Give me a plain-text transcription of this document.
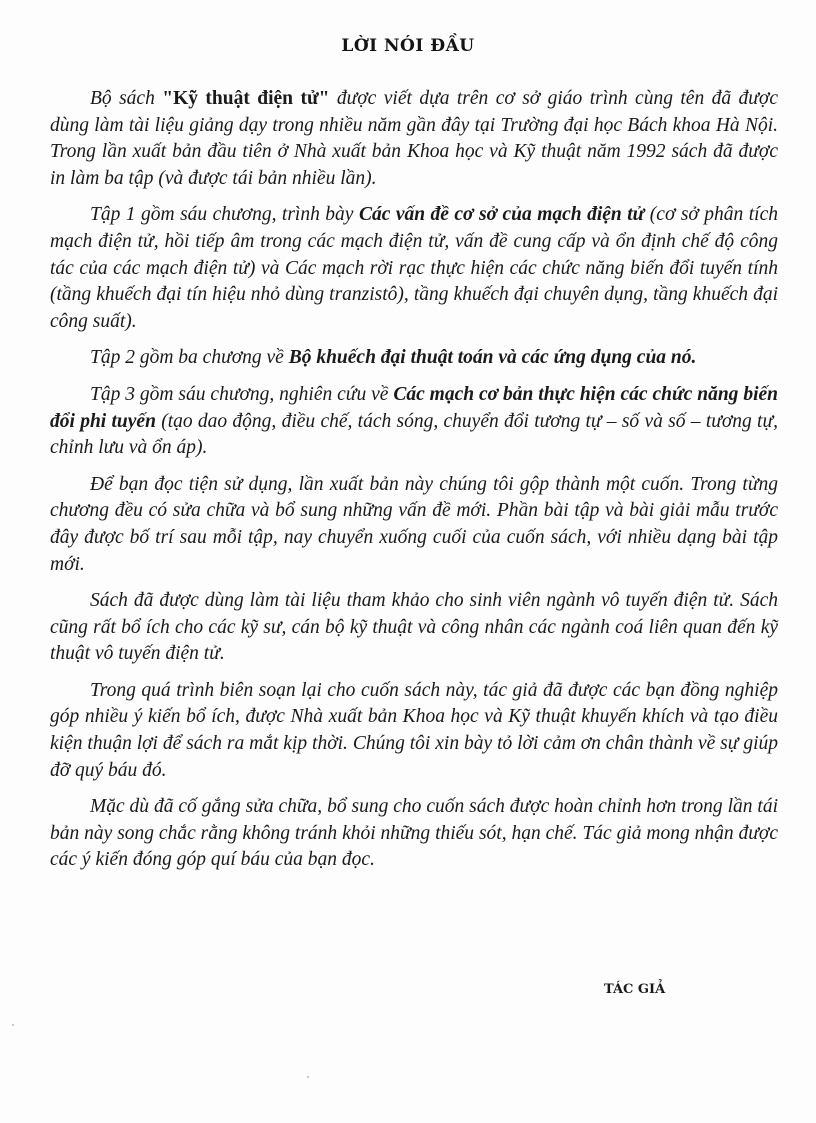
LỜI NÓI ĐẦU

Bộ sách "Kỹ thuật điện tử" được viết dựa trên cơ sở giáo trình cùng tên đã được dùng làm tài liệu giảng dạy trong nhiều năm gần đây tại Trường đại học Bách khoa Hà Nội. Trong lần xuất bản đầu tiên ở Nhà xuất bản Khoa học và Kỹ thuật năm 1992 sách đã được in làm ba tập (và được tái bản nhiều lần).

Tập 1 gồm sáu chương, trình bày Các vấn đề cơ sở của mạch điện tử (cơ sở phân tích mạch điện tử, hồi tiếp âm trong các mạch điện tử, vấn đề cung cấp và ổn định chế độ công tác của các mạch điện tử) và Các mạch rời rạc thực hiện các chức năng biến đổi tuyến tính (tầng khuếch đại tín hiệu nhỏ dùng tranzistô), tầng khuếch đại chuyên dụng, tầng khuếch đại công suất).

Tập 2 gồm ba chương về Bộ khuếch đại thuật toán và các ứng dụng của nó.

Tập 3 gồm sáu chương, nghiên cứu về Các mạch cơ bản thực hiện các chức năng biến đổi phi tuyến (tạo dao động, điều chế, tách sóng, chuyển đổi tương tự – số và số – tương tự, chỉnh lưu và ổn áp).

Để bạn đọc tiện sử dụng, lần xuất bản này chúng tôi gộp thành một cuốn. Trong từng chương đều có sửa chữa và bổ sung những vấn đề mới. Phần bài tập và bài giải mẫu trước đây được bố trí sau mỗi tập, nay chuyển xuống cuối của cuốn sách, với nhiều dạng bài tập mới.

Sách đã được dùng làm tài liệu tham khảo cho sinh viên ngành vô tuyến điện tử. Sách cũng rất bổ ích cho các kỹ sư, cán bộ kỹ thuật và công nhân các ngành coá liên quan đến kỹ thuật vô tuyến điện tử.

Trong quá trình biên soạn lại cho cuốn sách này, tác giả đã được các bạn đồng nghiệp góp nhiều ý kiến bổ ích, được Nhà xuất bản Khoa học và Kỹ thuật khuyến khích và tạo điều kiện thuận lợi để sách ra mắt kịp thời. Chúng tôi xin bày tỏ lời cảm ơn chân thành về sự giúp đỡ quý báu đó.

Mặc dù đã cố gắng sửa chữa, bổ sung cho cuốn sách được hoàn chỉnh hơn trong lần tái bản này song chắc rằng không tránh khỏi những thiếu sót, hạn chế. Tác giả mong nhận được các ý kiến đóng góp quí báu của bạn đọc.

TÁC GIẢ
